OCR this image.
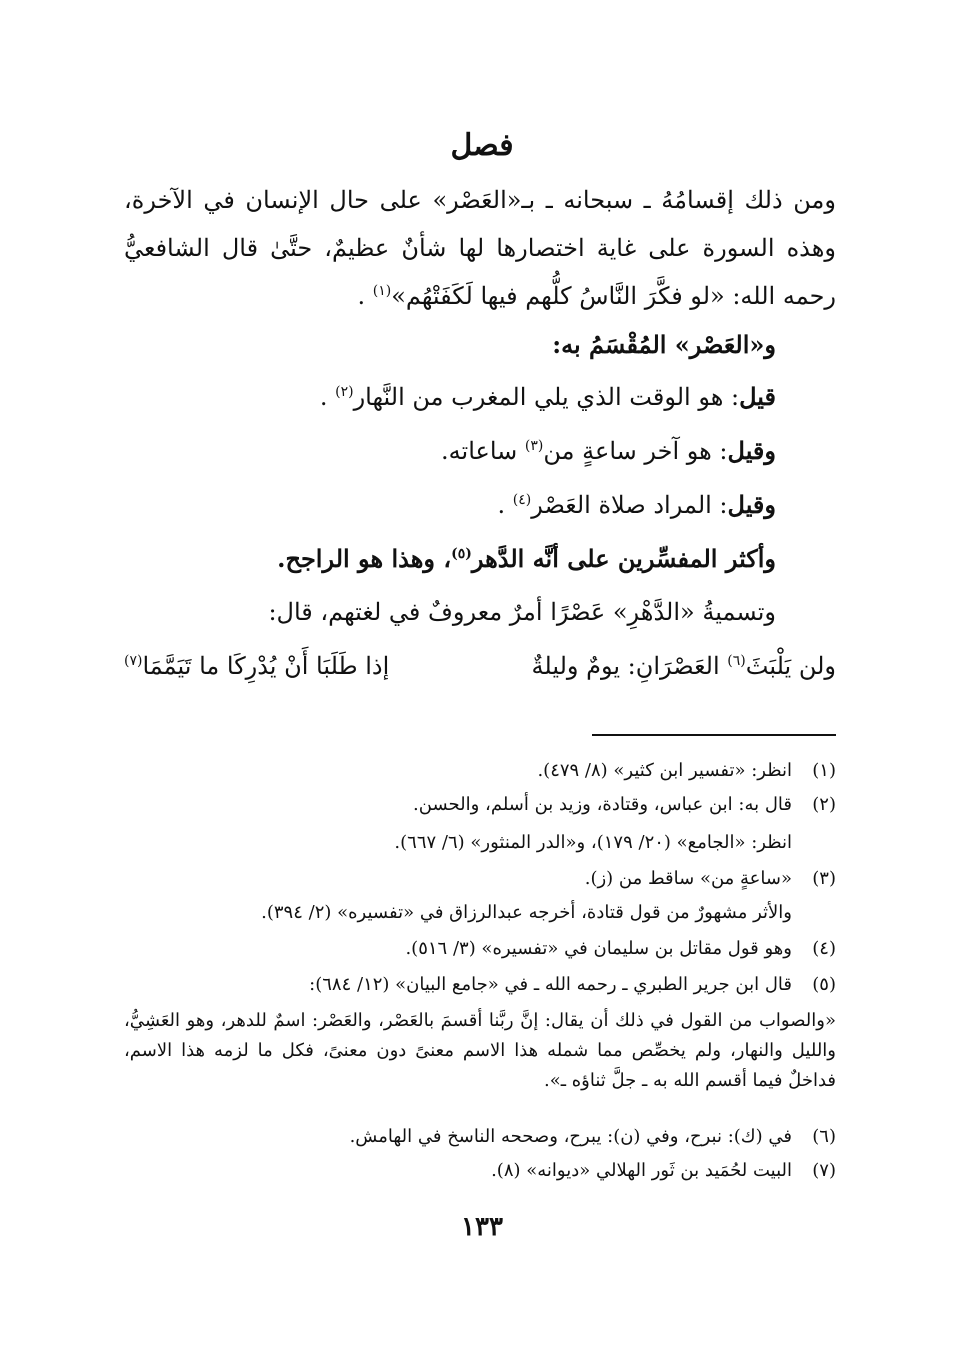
فصل
ومن ذلك إقسامُهُ ـ سبحانه ـ بـ«العَصْر» على حال الإنسان في الآخرة، وهذه السورة على غاية اختصارها لها شأنٌ عظيمٌ، حتَّىٰ قال الشافعيُّ رحمه الله: «لو فكَّرَ النَّاسُ كلُّهم فيها لَكَفَتْهُم»$^{(١)}$ .
و«العَصْر» المُقْسَمُ به:
قيل: هو الوقت الذي يلي المغرب من النَّهار$^{(٢)}$ .
وقيل: هو آخر ساعةٍ من$^{(٣)}$ ساعاته.
وقيل: المراد صلاة العَصْر$^{(٤)}$ .
وأكثر المفسِّرين على أنَّه الدَّهر$^{(٥)}$، وهذا هو الراجح.
وتسميةُ «الدَّهْرِ» عَصْرًا أمرٌ معروفٌ في لغتهم، قال:
ولن يَلْبَثَ$^{(٦)}$ العَصْرَانِ: يومٌ وليلةٌ
إذا طَلَبَا أَنْ يُدْرِكَا ما تَيَمَّمَا$^{(٧)}$
(١)انظر: «تفسير ابن كثير» (٨/ ٤٧٩).
(٢)قال به: ابن عباس، وقتادة، وزيد بن أسلم، والحسن.
انظر: «الجامع» (٢٠/ ١٧٩)، و«الدر المنثور» (٦/ ٦٦٧).
(٣)«ساعةٍ من» ساقط من (ز).
والأثر مشهورٌ من قول قتادة، أخرجه عبدالرزاق في «تفسيره» (٢/ ٣٩٤).
(٤)وهو قول مقاتل بن سليمان في «تفسيره» (٣/ ٥١٦).
(٥)قال ابن جرير الطبري ـ رحمه الله ـ في «جامع البيان» (١٢/ ٦٨٤):
«والصواب من القول في ذلك أن يقال: إنَّ ربَّنا أقسمَ بالعَصْر، والعَصْر: اسمٌ للدهر، وهو العَشِيُّ، والليل والنهار، ولم يخصِّص مما شمله هذا الاسم معنىً دون معنىً، فكل ما لزمه هذا الاسم، فداخلٌ فيما أقسم الله به ـ جلَّ ثناؤه ـ».
(٦)في (ك): نبرح، وفي (ن): يبرح، وصححه الناسخ في الهامش.
(٧)البيت لحُمَيد بن ثَور الهلالي «ديوانه» (٨).
١٣٣
